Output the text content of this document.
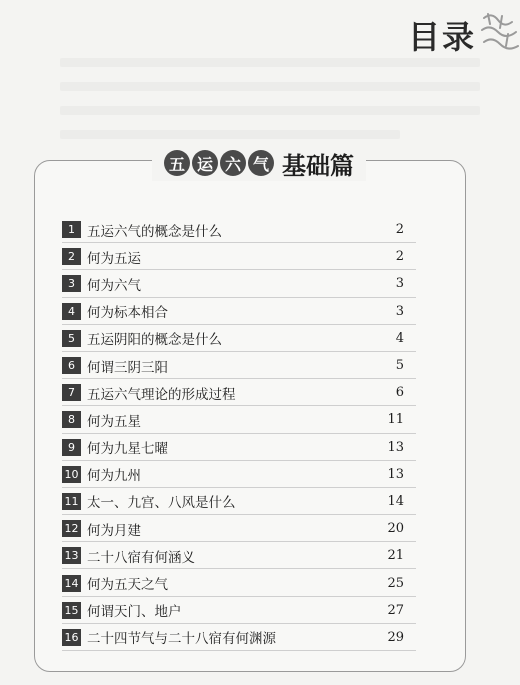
目录
五 运 六 气 基础篇
1 五运六气的概念是什么	2
2 何为五运	2
3 何为六气	3
4 何为标本相合	3
5 五运阴阳的概念是什么	4
6 何谓三阴三阳	5
7 五运六气理论的形成过程	6
8 何为五星	11
9 何为九星七曜	13
10 何为九州	13
11 太一、九宫、八风是什么	14
12 何为月建	20
13 二十八宿有何涵义	21
14 何为五天之气	25
15 何谓天门、地户	27
16 二十四节气与二十八宿有何渊源	29
